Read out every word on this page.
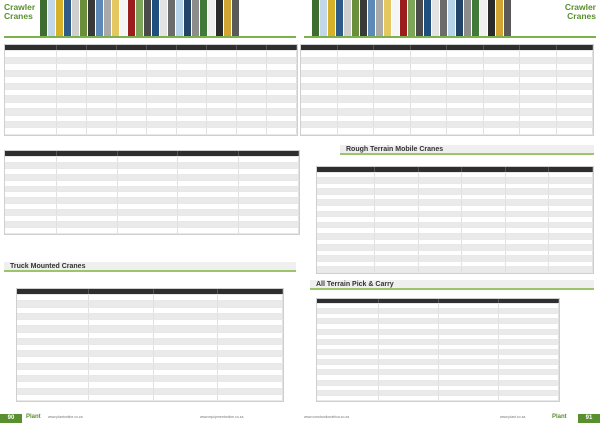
Crawler
Cranes
Truck Mounted Cranes
90	Plant www.plantonline.co.za	www.equipmentonline.co.za
Crawler
Cranes
Rough Terrain Mobile Cranes
All Terrain Pick & Carry
www.constructionafrica.co.za	www.plant.co.za	Plant	91
